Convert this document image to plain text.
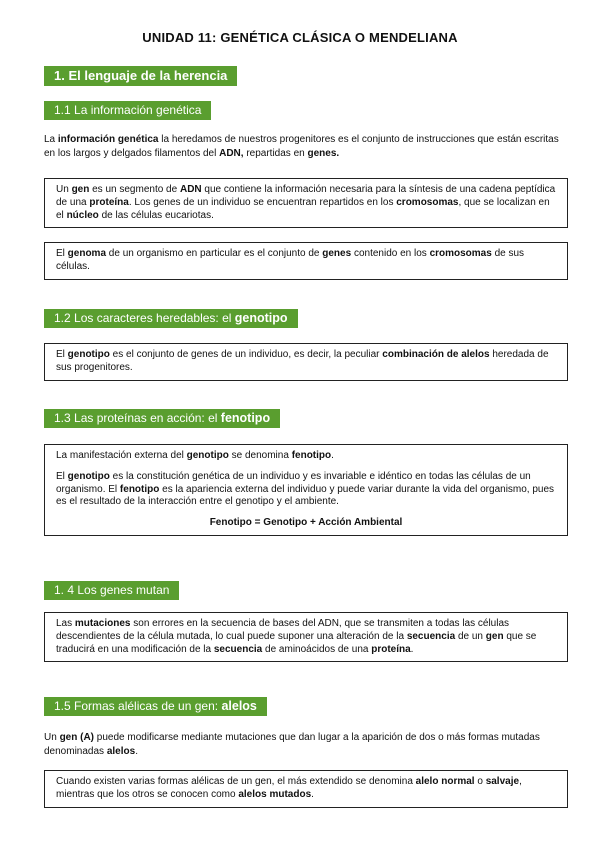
UNIDAD 11: GENÉTICA CLÁSICA O MENDELIANA
1. El lenguaje de la herencia
1.1 La información genética
La información genética la heredamos de nuestros progenitores es el conjunto de instrucciones que están escritas en los largos y delgados filamentos del ADN, repartidas en genes.

Un gen es un segmento de ADN que contiene la información necesaria para la síntesis de una cadena peptídica de una proteína. Los genes de un individuo se encuentran repartidos en los cromosomas, que se localizan en el núcleo de las células eucariotas.

El genoma de un organismo en particular es el conjunto de genes contenido en los cromosomas de sus células.

1.2 Los caracteres heredables: el genotipo

El genotipo es el conjunto de genes de un individuo, es decir, la peculiar combinación de alelos heredada de sus progenitores.

1.3 Las proteínas en acción: el fenotipo

La manifestación externa del genotipo se denomina fenotipo.

El genotipo es la constitución genética de un individuo y es invariable e idéntico en todas las células de un organismo. El fenotipo es la apariencia externa del individuo y puede variar durante la vida del organismo, pues es el resultado de la interacción entre el genotipo y el ambiente.

Fenotipo = Genotipo + Acción Ambiental
1. 4 Los genes mutan

Las mutaciones son errores en la secuencia de bases del ADN, que se transmiten a todas las células descendientes de la célula mutada, lo cual puede suponer una alteración de la secuencia de un gen que se traducirá en una modificación de la secuencia de aminoácidos de una proteína.

1.5 Formas alélicas de un gen: alelos
Un gen (A) puede modificarse mediante mutaciones que dan lugar a la aparición de dos o más formas mutadas denominadas alelos.

Cuando existen varias formas alélicas de un gen, el más extendido se denomina alelo normal o salvaje, mientras que los otros se conocen como alelos mutados.
